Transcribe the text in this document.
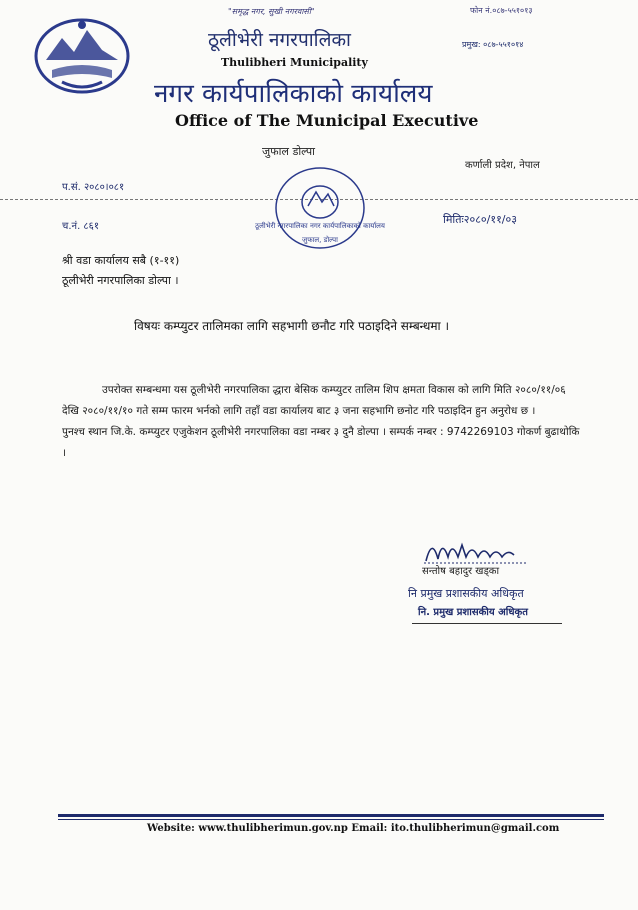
"समृद्ध नगर, सुखी नगरवासी"	फोन नं.०८७-५५१०१३
प्रमुख: ०८७-५५१०१४
ठूलीभेरी नगरपालिका
Thulibheri Municipality
नगर कार्यपालिकाको कार्यालय
Office of The Municipal Executive
जुफाल डोल्पा
कर्णाली प्रदेश, नेपाल
प.सं. २०८०।०८१
च.नं. ८६१
मितिः२०८०/११/०३
ठूलीभेरी नगरपालिका नगर कार्यपालिकाको कार्यालय
जुफाल, डोल्पा
श्री वडा कार्यालय सबै (१-११)
ठूलीभेरी नगरपालिका डोल्पा ।
विषयः कम्प्युटर तालिमका लागि सहभागी छनौट गरि पठाइदिने सम्बन्धमा ।

उपरोक्त सम्बन्धमा यस ठूलीभेरी नगरपालिका द्धारा बेसिक कम्प्युटर तालिम शिप क्षमता विकास को लागि मिति २०८०/११/०६ देखि २०८०/११/१० गते सम्म फारम भर्नको लागि तहाँ वडा कार्यालय बाट ३ जना सहभागि छनोट गरि पठाइदिन हुन अनुरोध छ ।

पुनश्च स्थान जि.के. कम्प्युटर एजुकेशन ठूलीभेरी नगरपालिका वडा नम्बर ३ दुनै डोल्पा । सम्पर्क नम्बर : 9742269103 गोकर्ण बुढाथोकि ।

सन्तोष बहादुर खड्का
नि प्रमुख प्रशासकीय अधिकृत
नि. प्रमुख प्रशासकीय अधिकृत
Website: www.thulibherimun.gov.np Email: ito.thulibherimun@gmail.com
